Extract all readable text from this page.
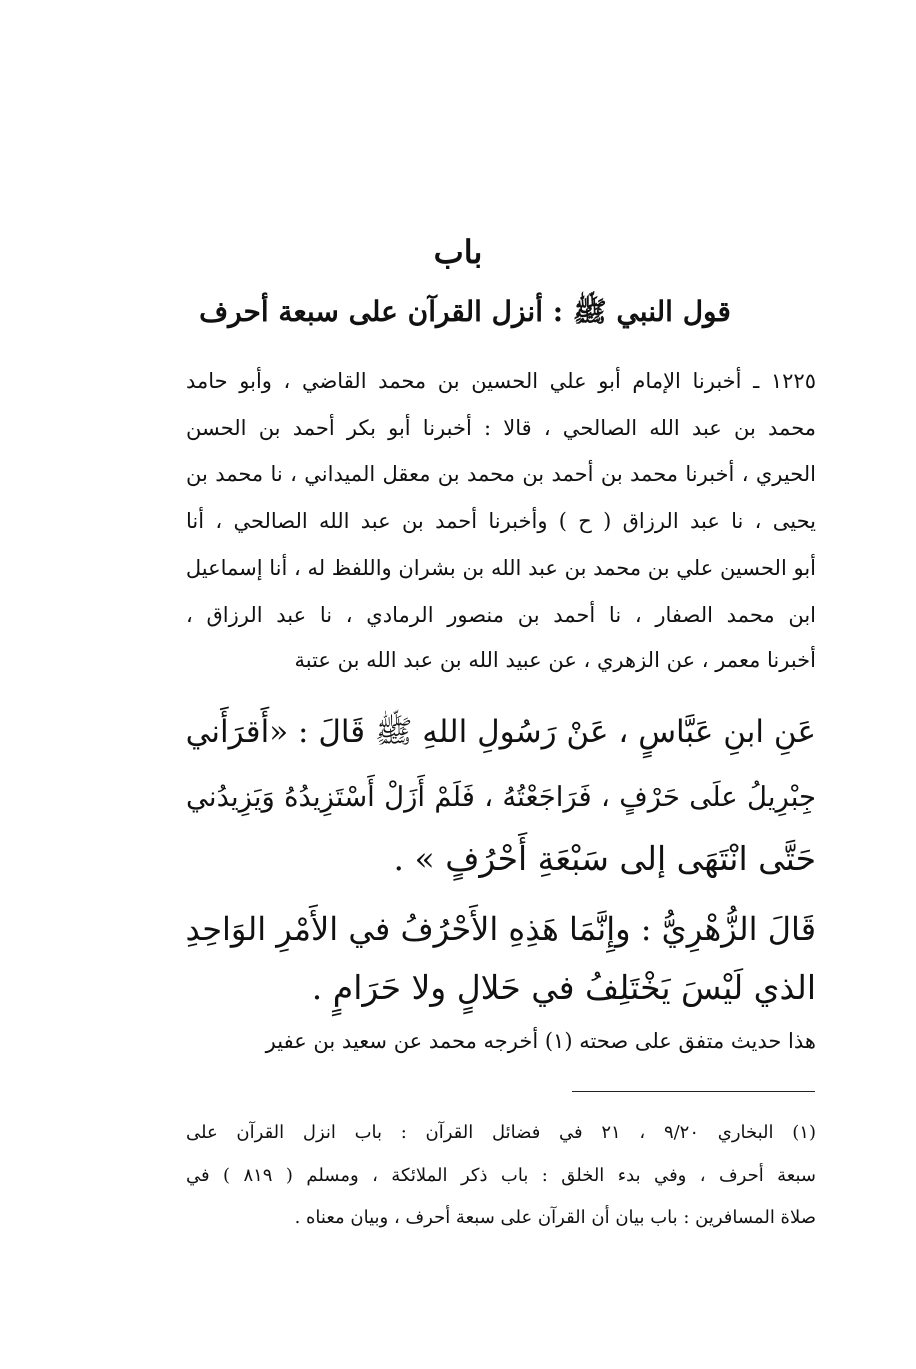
باب
قول النبي ﷺ : أنزل القرآن على سبعة أحرف
١٢٢٥ ـ أخبرنا الإمام أبو علي الحسين بن محمد القاضي ، وأبو حامد
محمد بن عبد الله الصالحي ، قالا : أخبرنا أبو بكر أحمد بن الحسن
الحيري ، أخبرنا محمد بن أحمد بن محمد بن معقل الميداني ، نا محمد بن
يحيى ، نا عبد الرزاق ( ح ) وأخبرنا أحمد بن عبد الله الصالحي ، أنا
أبو الحسين علي بن محمد بن عبد الله بن بشران واللفظ له ، أنا إسماعيل
ابن محمد الصفار ، نا أحمد بن منصور الرمادي ، نا عبد الرزاق ،
أخبرنا معمر ، عن الزهري ، عن عبيد الله بن عبد الله بن عتبة
عَنِ ابنِ عَبَّاسٍ ، عَنْ رَسُولِ اللهِ ﷺ قَالَ : «أَقرَأَني
جِبْرِيلُ علَى حَرْفٍ ، فَرَاجَعْتُهُ ، فَلَمْ أَزَلْ أَسْتَزِيدُهُ وَيَزِيدُني
حَتَّى انْتَهَى إلى سَبْعَةِ أَحْرُفٍ » .
قَالَ الزُّهْرِيُّ : وإِنَّمَا هَذِهِ الأَحْرُفُ في الأَمْرِ الوَاحِدِ
الذي لَيْسَ يَخْتَلِفُ في حَلالٍ ولا حَرَامٍ .
هذا حديث متفق على صحته (١) أخرجه محمد عن سعيد بن عفير
(١) البخاري ٩/٢٠ ، ٢١ في فضائل القرآن : باب انزل القرآن على
سبعة أحرف ، وفي بدء الخلق : باب ذكر الملائكة ، ومسلم ( ٨١٩ ) في
صلاة المسافرين : باب بيان أن القرآن على سبعة أحرف ، وبيان معناه .
